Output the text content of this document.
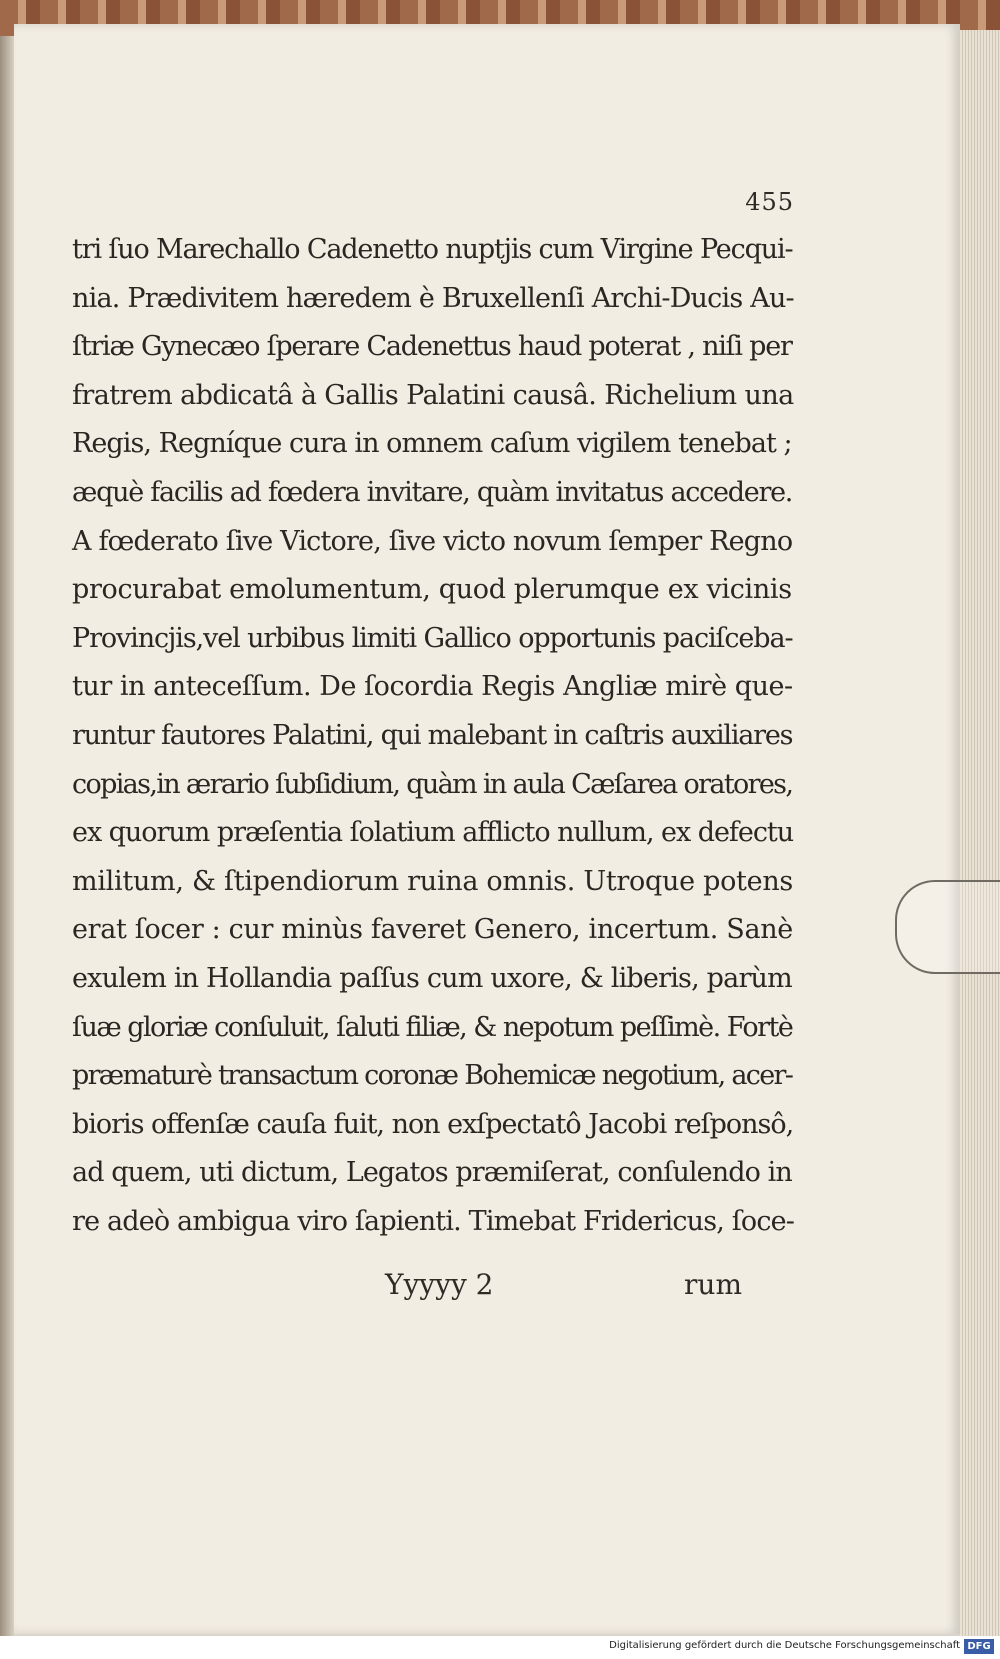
455
tri ſuo Marechallo Cadenetto nuptjis cum Virgine Pecqui-
nia. Prædivitem hæredem è Bruxellenſi Archi-Ducis Au-
ſtriæ Gynecæo ſperare Cadenettus haud poterat , niſi per
fratrem abdicatâ à Gallis Palatini causâ. Richelium una
Regis, Regníque cura in omnem caſum vigilem tenebat ;
æquè facilis ad fœdera invitare, quàm invitatus accedere.
A fœderato ſive Victore, ſive victo novum ſemper Regno
procurabat emolumentum, quod plerumque ex vicinis
Provincjis,vel urbibus limiti Gallico opportunis paciſceba-
tur in anteceſſum. De ſocordia Regis Angliæ mirè que-
runtur fautores Palatini, qui malebant in caſtris auxiliares
copias,in ærario ſubſidium, quàm in aula Cæſarea oratores,
ex quorum præſentia ſolatium afflicto nullum, ex defectu
militum, & ſtipendiorum ruina omnis. Utroque potens
erat ſocer : cur minùs faveret Genero, incertum. Sanè
exulem in Hollandia paſſus cum uxore, & liberis, parùm
ſuæ gloriæ conſuluit, ſaluti filiæ, & nepotum peſſimè. Fortè
præmaturè transactum coronæ Bohemicæ negotium, acer-
bioris offenſæ cauſa fuit, non exſpectatô Jacobi reſponsô,
ad quem, uti dictum, Legatos præmiſerat, conſulendo in
re adeò ambigua viro ſapienti. Timebat Fridericus, ſoce-
Yyyyy 2	rum
Digitalisierung gefördert durch die Deutsche Forschungsgemeinschaft DFG
